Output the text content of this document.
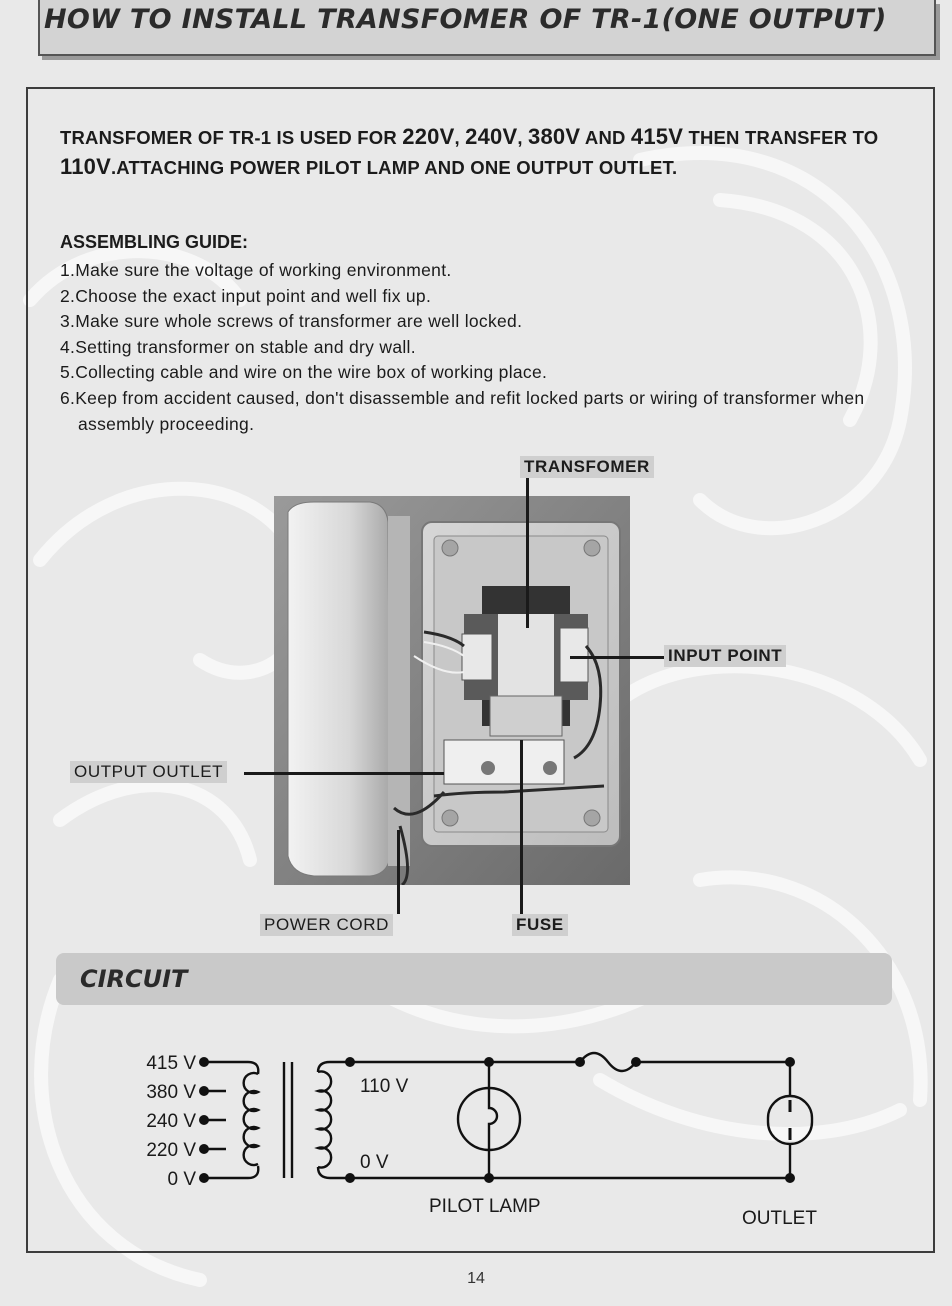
HOW TO INSTALL TRANSFOMER OF TR-1(ONE OUTPUT)
TRANSFOMER OF TR-1 IS USED FOR 220V, 240V, 380V AND 415V THEN TRANSFER TO 110V.ATTACHING POWER PILOT LAMP AND ONE OUTPUT OUTLET.
ASSEMBLING GUIDE:
1.Make sure the voltage of working environment.
2.Choose the exact input point and well fix up.
3.Make sure whole screws of transformer are well locked.
4.Setting transformer on stable and dry wall.
5.Collecting cable and wire on the wire box of working place.
6.Keep from accident caused, don't disassemble and refit locked parts or wiring of transformer when assembly proceeding.
TRANSFOMER
INPUT POINT
OUTPUT OUTLET
POWER CORD	FUSE
CIRCUIT
415 V
380 V
240 V
220 V
0 V
110 V
0 V
PILOT LAMP
OUTLET
14
